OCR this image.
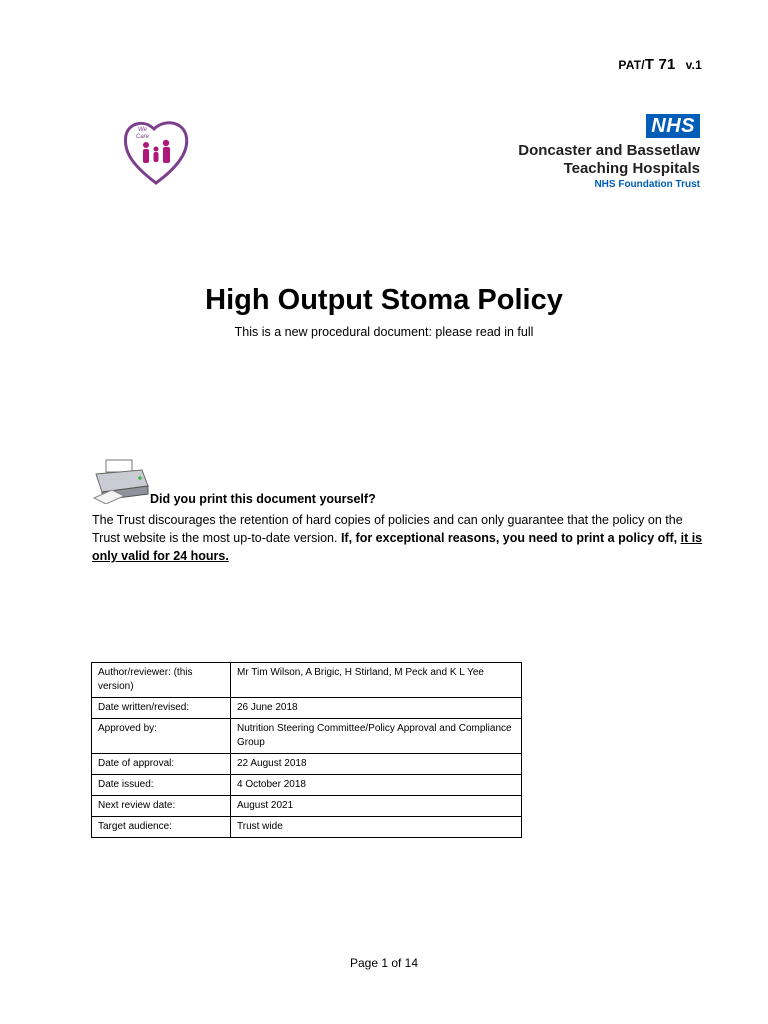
PAT/T 71 v.1
We
Care	NHS
Doncaster and Bassetlaw
Teaching Hospitals
NHS Foundation Trust
High Output Stoma Policy
This is a new procedural document: please read in full
Did you print this document yourself?
The Trust discourages the retention of hard copies of policies and can only guarantee that the policy on the Trust website is the most up-to-date version. If, for exceptional reasons, you need to print a policy off, it is only valid for 24 hours.
Author/reviewer: (this version)	Mr Tim Wilson, A Brigic, H Stirland, M Peck and K L Yee
Date written/revised:	26 June 2018
Approved by:	Nutrition Steering Committee/Policy Approval and Compliance Group
Date of approval:	22 August 2018
Date issued:	4 October 2018
Next review date:	August 2021
Target audience:	Trust wide
Page 1 of 14
